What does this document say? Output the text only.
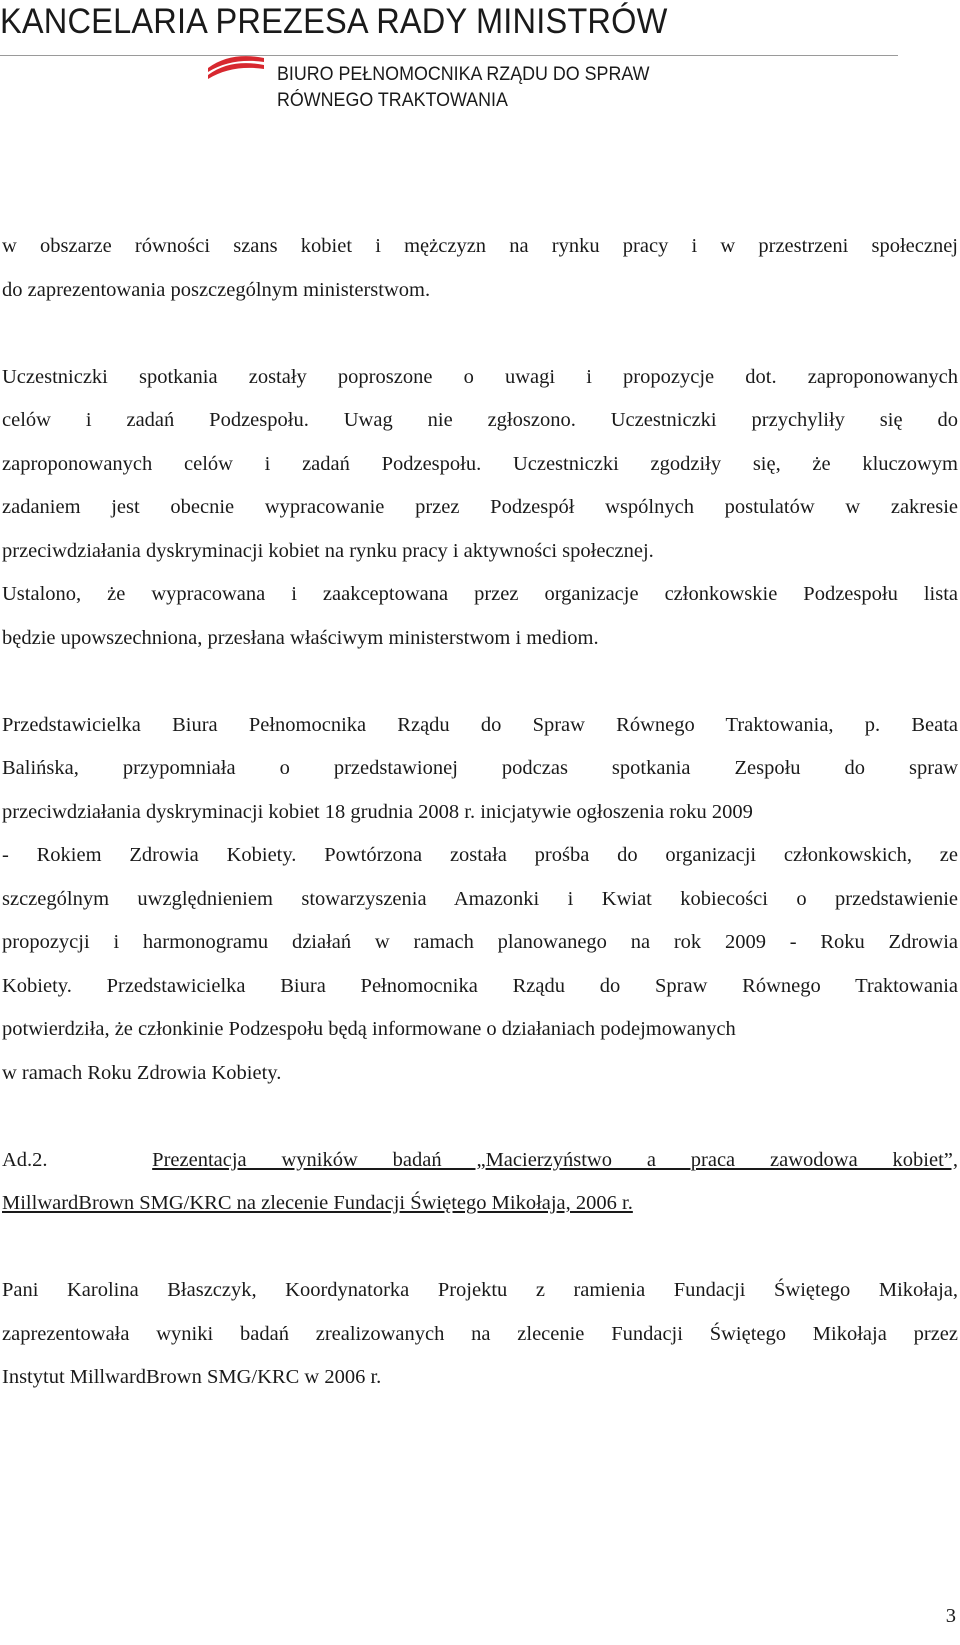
KANCELARIA PREZESA RADY MINISTRÓW
BIURO PEŁNOMOCNIKA RZĄDU DO SPRAW
RÓWNEGO TRAKTOWANIA

w obszarze równości szans kobiet i mężczyzn na rynku pracy i w przestrzeni społecznej
do zaprezentowania poszczególnym ministerstwom.

Uczestniczki spotkania zostały poproszone o uwagi i propozycje dot. zaproponowanych
celów i zadań Podzespołu. Uwag nie zgłoszono. Uczestniczki przychyliły się do
zaproponowanych celów i zadań Podzespołu. Uczestniczki zgodziły się, że kluczowym
zadaniem jest obecnie wypracowanie przez Podzespół wspólnych postulatów w zakresie
przeciwdziałania dyskryminacji kobiet na rynku pracy i aktywności społecznej.
Ustalono, że wypracowana i zaakceptowana przez organizacje członkowskie Podzespołu lista
będzie upowszechniona, przesłana właściwym ministerstwom i mediom.

Przedstawicielka Biura Pełnomocnika Rządu do Spraw Równego Traktowania, p. Beata
Balińska, przypomniała o przedstawionej podczas spotkania Zespołu do spraw
przeciwdziałania dyskryminacji kobiet 18 grudnia 2008 r. inicjatywie ogłoszenia roku 2009
- Rokiem Zdrowia Kobiety. Powtórzona została prośba do organizacji członkowskich, ze
szczególnym uwzględnieniem stowarzyszenia Amazonki i Kwiat kobiecości o przedstawienie
propozycji i harmonogramu działań w ramach planowanego na rok 2009 - Roku Zdrowia
Kobiety. Przedstawicielka Biura Pełnomocnika Rządu do Spraw Równego Traktowania
potwierdziła, że członkinie Podzespołu będą informowane o działaniach podejmowanych
w ramach Roku Zdrowia Kobiety.

Ad.2.	Prezentacja wyników badań „Macierzyństwo a praca zawodowa kobiet”,
MillwardBrown SMG/KRC na zlecenie Fundacji Świętego Mikołaja, 2006 r.

Pani Karolina Błaszczyk, Koordynatorka Projektu z ramienia Fundacji Świętego Mikołaja,
zaprezentowała wyniki badań zrealizowanych na zlecenie Fundacji Świętego Mikołaja przez
Instytut MillwardBrown SMG/KRC w 2006 r.

3
